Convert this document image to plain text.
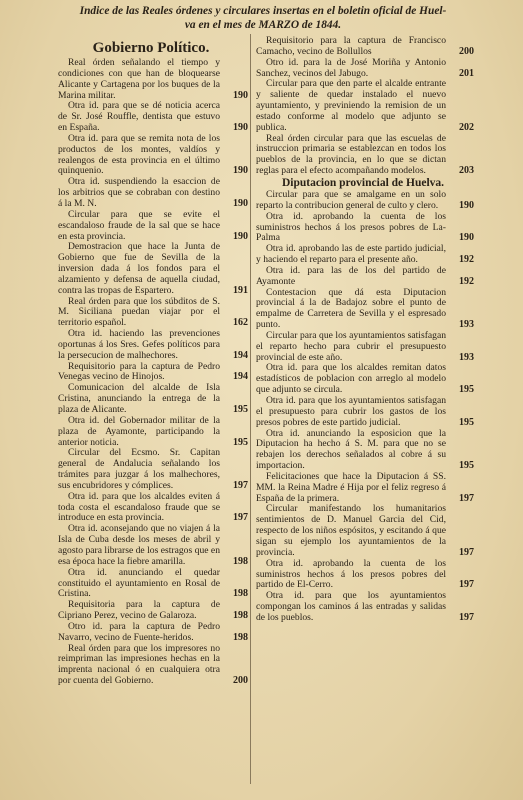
Indice de las Reales órdenes y circulares insertas en el boletin oficial de Huel-
va en el mes de MARZO de 1844.
Gobierno Político.

Real órden señalando el tiempo y condiciones con que han de bloquearse Alicante y Cartagena por los buques de la Marina militar.	190

Otra id. para que se dé noticia acerca de Sr. José Rouffle, dentista que estuvo en España.	190

Otra id. para que se remita nota de los productos de los montes, valdíos y realengos de esta provincia en el último quinquenio.	190

Otra id. suspendiendo la esaccion de los arbitrios que se cobraban con destino á la M. N.	190

Circular para que se evite el escandaloso fraude de la sal que se hace en esta provincia.	190

Demostracion que hace la Junta de Gobierno que fue de Sevilla de la inversion dada á los fondos para el alzamiento y defensa de aquella ciudad, contra las tropas de Espartero.	191

Real órden para que los súbditos de S. M. Siciliana puedan viajar por el territorio español.	162

Otra id. haciendo las prevenciones oportunas á los Sres. Gefes políticos para la persecucion de malhechores.	194

Requisitorio para la captura de Pedro Venegas vecino de Hinojos.	194

Comunicacion del alcalde de Isla Cristina, anunciando la entrega de la plaza de Alicante.	195

Otra id. del Gobernador militar de la plaza de Ayamonte, participando la anterior noticia.	195

Circular del Ecsmo. Sr. Capitan general de Andalucia señalando los trámites para juzgar á los malhechores, sus encubridores y cómplices.	197

Otra id. para que los alcaldes eviten á toda costa el escandaloso fraude que se introduce en esta provincia.	197

Otra id. aconsejando que no viajen á la Isla de Cuba desde los meses de abril y agosto para librarse de los estragos que en esa época hace la fiebre amarilla.	198

Otra id. anunciando el quedar constituido el ayuntamiento en Rosal de Cristina.	198

Requisitoria para la captura de Cipriano Perez, vecino de Galaroza.	198

Otro id. para la captura de Pedro Navarro, vecino de Fuente-heridos.	198

Real órden para que los impresores no reimpriman las impresiones hechas en la imprenta nacional ó en cualquiera otra por cuenta del Gobierno.	200

Requisitorio para la captura de Francisco Camacho, vecino de Bollullos	200

Otro id. para la de José Moriña y Antonio Sanchez, vecinos del Jabugo.	201

Circular para que den parte el alcalde entrante y saliente de quedar instalado el nuevo ayuntamiento, y previniendo la remision de un estado conforme al modelo que adjunto se publica.	202

Real órden circular para que las escuelas de instruccion primaria se establezcan en todos los pueblos de la provincia, en lo que se dictan reglas para el efecto acompañando modelos.	203
Diputacion provincial de Huelva.

Circular para que se amalgame en un solo reparto la contribucion general de culto y clero.	190

Otra id. aprobando la cuenta de los suministros hechos á los presos pobres de La-Palma	190

Otra id. aprobando las de este partido judicial, y haciendo el reparto para el presente año.	192

Otra id. para las de los del partido de Ayamonte	192

Contestacion que dá esta Diputacion provincial á la de Badajoz sobre el punto de empalme de Carretera de Sevilla y el espresado punto.	193

Circular para que los ayuntamientos satisfagan el reparto hecho para cubrir el presupuesto provincial de este año.	193

Otra id. para que los alcaldes remitan datos estadísticos de poblacion con arreglo al modelo que adjunto se circula.	195

Otra id. para que los ayuntamientos satisfagan el presupuesto para cubrir los gastos de los presos pobres de este partido judicial.	195

Otra id. anunciando la esposicion que la Diputacion ha hecho á S. M. para que no se rebajen los derechos señalados al cobre á su importacion.	195

Felicitaciones que hace la Diputacion á SS. MM. la Reina Madre é Hija por el feliz regreso á España de la primera.	197

Circular manifestando los humanitarios sentimientos de D. Manuel Garcia del Cid, respecto de los niños espósitos, y escitando á que sigan su ejemplo los ayuntamientos de la provincia.	197

Otra id. aprobando la cuenta de los suministros hechos á los presos pobres del partido de El-Cerro.	197

Otra id. para que los ayuntamientos compongan los caminos á las entradas y salidas de los pueblos.	197
